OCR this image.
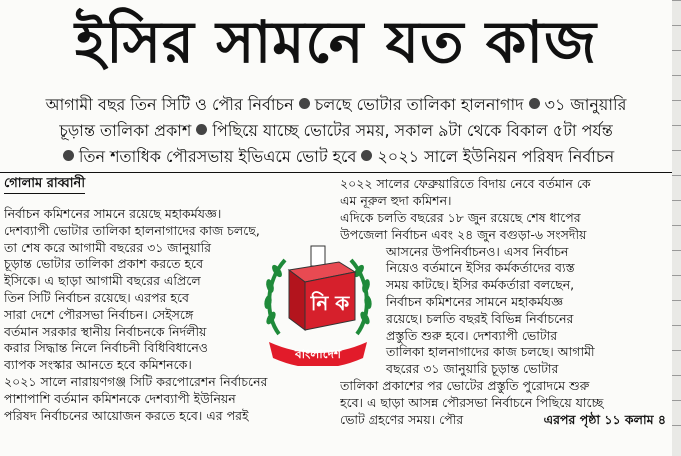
ইসির সামনে যত কাজ
আগামী বছর তিন সিটি ও পৌর নির্বাচন চলছে ভোটার তালিকা হালনাগাদ ৩১ জানুয়ারি
চূড়ান্ত তালিকা প্রকাশ পিছিয়ে যাচ্ছে ভোটের সময়, সকাল ৯টা থেকে বিকাল ৫টা পর্যন্ত
তিন শতাধিক পৌরসভায় ইভিএমে ভোট হবে ২০২১ সালে ইউনিয়ন পরিষদ নির্বাচন
গোলাম রাব্বানী
নির্বাচন কমিশনের সামনে রয়েছে মহাকর্মযজ্ঞ।
দেশব্যাপী ভোটার তালিকা হালনাগাদের কাজ চলছে,
তা শেষ করে আগামী বছরের ৩১ জানুয়ারি
চূড়ান্ত ভোটার তালিকা প্রকাশ করতে হবে
ইসিকে। এ ছাড়া আগামী বছরের এপ্রিলে
তিন সিটি নির্বাচন রয়েছে। এরপর হবে
সারা দেশে পৌরসভা নির্বাচন। সেইসঙ্গে
বর্তমান সরকার স্থানীয় নির্বাচনকে নির্দলীয়
করার সিদ্ধান্ত নিলে নির্বাচনী বিধিবিধানেও
ব্যাপক সংস্কার আনতে হবে কমিশনকে।
২০২১ সালে নারায়ণগঞ্জ সিটি করপোরেশন নির্বাচনের
পাশাপাশি বর্তমান কমিশনকে দেশব্যাপী ইউনিয়ন
পরিষদ নির্বাচনের আয়োজন করতে হবে। এর পরই
২০২২ সালের ফেব্রুয়ারিতে বিদায় নেবে বর্তমান কে
এম নূরুল হুদা কমিশন।
এদিকে চলতি বছরের ১৮ জুন রয়েছে শেষ ধাপের
উপজেলা নির্বাচন এবং ২৪ জুন বগুড়া-৬ সংসদীয়
আসনের উপনির্বাচনও। এসব নির্বাচন
নিয়েও বর্তমানে ইসির কর্মকর্তাদের ব্যস্ত
সময় কাটছে। ইসির কর্মকর্তারা বলছেন,
নির্বাচন কমিশনের সামনে মহাকর্মযজ্ঞ
রয়েছে। চলতি বছরই বিভিন্ন নির্বাচনের
প্রস্তুতি শুরু হবে। দেশব্যাপী ভোটার
তালিকা হালনাগাদের কাজ চলছে। আগামী
বছরের ৩১ জানুয়ারি চূড়ান্ত ভোটার
তালিকা প্রকাশের পর ভোটের প্রস্তুতি পুরোদমে শুরু
হবে। এ ছাড়া আসন্ন পৌরসভা নির্বাচনে পিছিয়ে যাচ্ছে
ভোট গ্রহণের সময়। পৌর	এরপর পৃষ্ঠা ১১ কলাম ৪
নি ক
বাংলাদেশ
